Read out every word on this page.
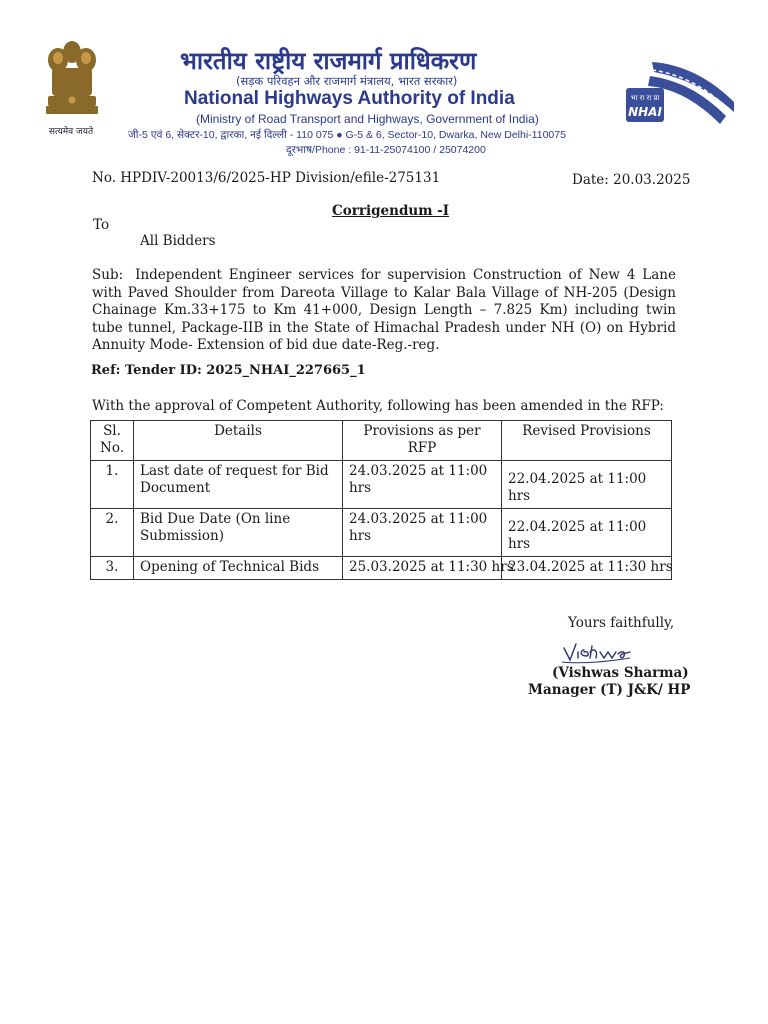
सत्यमेव जयते
भारतीय राष्ट्रीय राजमार्ग प्राधिकरण
(सड़क परिवहन और राजमार्ग मंत्रालय, भारत सरकार)
National Highways Authority of India
(Ministry of Road Transport and Highways, Government of India)
जी-5 एवं 6, सेक्टर-10, द्वारका, नई दिल्ली - 110 075 ● G-5 & 6, Sector-10, Dwarka, New Delhi-110075
दूरभाष/Phone : 91-11-25074100 / 25074200
भा रा रा प्रा
NHAI
No. HPDIV-20013/6/2025-HP Division/efile-275131	Date: 20.03.2025
Corrigendum -I
To
All Bidders
Sub: Independent Engineer services for supervision Construction of New 4 Lane with Paved Shoulder from Dareota Village to Kalar Bala Village of NH-205 (Design Chainage Km.33+175 to Km 41+000, Design Length – 7.825 Km) including twin tube tunnel, Package-IIB in the State of Himachal Pradesh under NH (O) on Hybrid Annuity Mode- Extension of bid due date-Reg.-reg.
Ref: Tender ID: 2025_NHAI_227665_1
With the approval of Competent Authority, following has been amended in the RFP:
Sl. No.	Details	Provisions as per RFP	Revised Provisions
1.	Last date of request for Bid Document	24.03.2025 at 11:00 hrs	22.04.2025 at 11:00 hrs
2.	Bid Due Date (On line Submission)	24.03.2025 at 11:00 hrs	22.04.2025 at 11:00 hrs
3.	Opening of Technical Bids	25.03.2025 at 11:30 hrs	23.04.2025 at 11:30 hrs
Yours faithfully,
(Vishwas Sharma)
Manager (T) J&K/ HP
